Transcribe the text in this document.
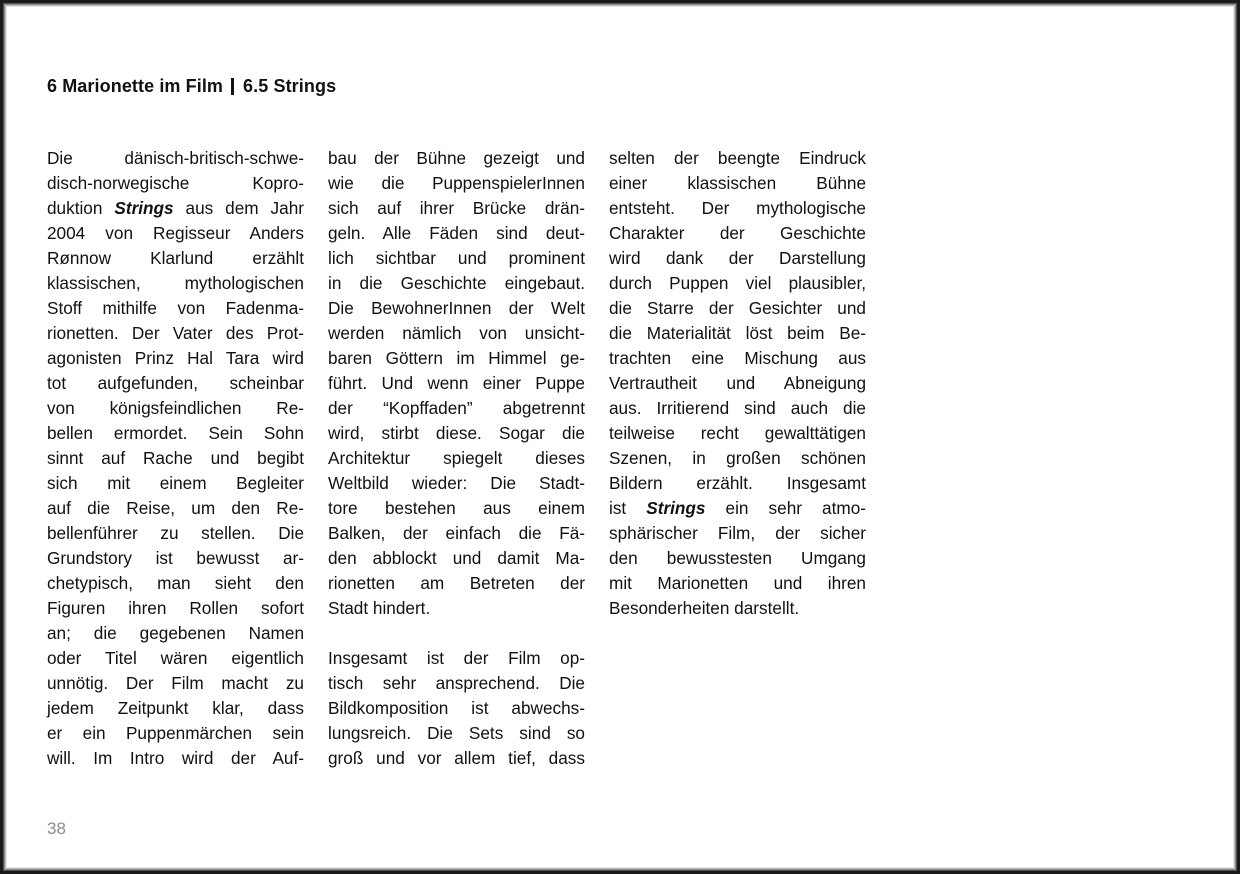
6 Marionette im Film 6.5 Strings
Die dänisch-britisch-schwe-
disch-norwegische Kopro-
duktion Strings aus dem Jahr
2004 von Regisseur Anders
Rønnow Klarlund erzählt
klassischen, mythologischen
Stoff mithilfe von Fadenma-
rionetten. Der Vater des Prot-
agonisten Prinz Hal Tara wird
tot aufgefunden, scheinbar
von königsfeindlichen Re-
bellen ermordet. Sein Sohn
sinnt auf Rache und begibt
sich mit einem Begleiter
auf die Reise, um den Re-
bellenführer zu stellen. Die
Grundstory ist bewusst ar-
chetypisch, man sieht den
Figuren ihren Rollen sofort
an; die gegebenen Namen
oder Titel wären eigentlich
unnötig. Der Film macht zu
jedem Zeitpunkt klar, dass
er ein Puppenmärchen sein
will. Im Intro wird der Auf-
bau der Bühne gezeigt und
wie die PuppenspielerInnen
sich auf ihrer Brücke drän-
geln. Alle Fäden sind deut-
lich sichtbar und prominent
in die Geschichte eingebaut.
Die BewohnerInnen der Welt
werden nämlich von unsicht-
baren Göttern im Himmel ge-
führt. Und wenn einer Puppe
der “Kopffaden” abgetrennt
wird, stirbt diese. Sogar die
Architektur spiegelt dieses
Weltbild wieder: Die Stadt-
tore bestehen aus einem
Balken, der einfach die Fä-
den abblockt und damit Ma-
rionetten am Betreten der
Stadt hindert.
Insgesamt ist der Film op-
tisch sehr ansprechend. Die
Bildkomposition ist abwechs-
lungsreich. Die Sets sind so
groß und vor allem tief, dass
selten der beengte Eindruck
einer klassischen Bühne
entsteht. Der mythologische
Charakter der Geschichte
wird dank der Darstellung
durch Puppen viel plausibler,
die Starre der Gesichter und
die Materialität löst beim Be-
trachten eine Mischung aus
Vertrautheit und Abneigung
aus. Irritierend sind auch die
teilweise recht gewalttätigen
Szenen, in großen schönen
Bildern erzählt. Insgesamt
ist Strings ein sehr atmo-
sphärischer Film, der sicher
den bewusstesten Umgang
mit Marionetten und ihren
Besonderheiten darstellt.
38
